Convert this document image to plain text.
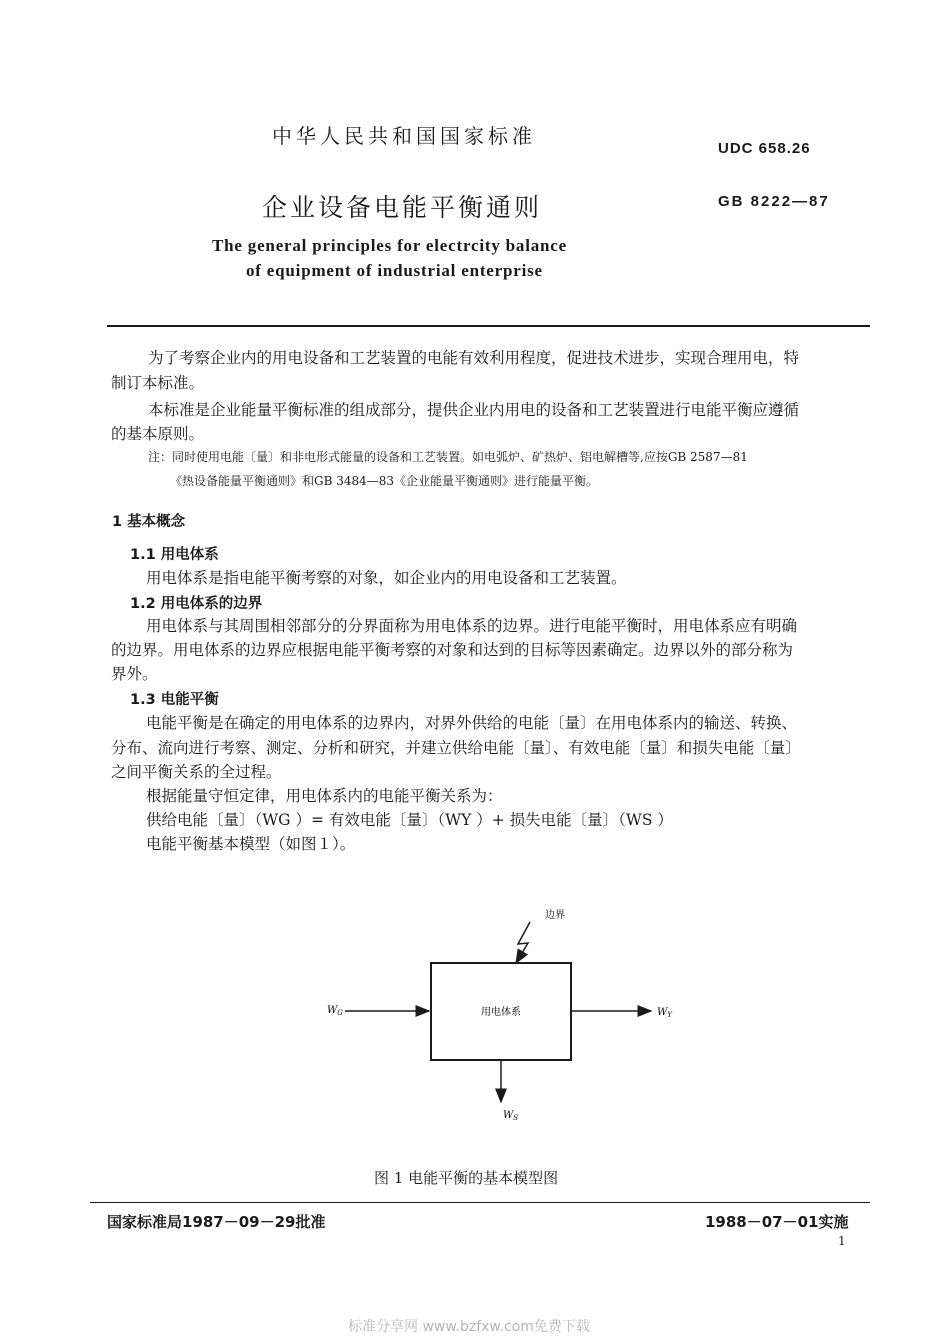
中华人民共和国国家标准
UDC 658.26
企业设备电能平衡通则	GB 8222—87
The general principles for electrcity balance
of equipment of industrial enterprise
为了考察企业内的用电设备和工艺装置的电能有效利用程度，促进技术进步，实现合理用电，特
制订本标准。
本标准是企业能量平衡标准的组成部分，提供企业内用电的设备和工艺装置进行电能平衡应遵循
的基本原则。
注：同时使用电能〔量〕和非电形式能量的设备和工艺装置。如电弧炉、矿热炉、铝电解槽等,应按GB 2587—81
《热设备能量平衡通则》和GB 3484—83《企业能量平衡通则》进行能量平衡。
1 基本概念
1.1 用电体系
用电体系是指电能平衡考察的对象，如企业内的用电设备和工艺装置。
1.2 用电体系的边界
用电体系与其周围相邻部分的分界面称为用电体系的边界。进行电能平衡时，用电体系应有明确
的边界。用电体系的边界应根据电能平衡考察的对象和达到的目标等因素确定。边界以外的部分称为
界外。
1.3 电能平衡
电能平衡是在确定的用电体系的边界内，对界外供给的电能〔量〕在用电体系内的输送、转换、
分布、流向进行考察、测定、分析和研究，并建立供给电能〔量〕、有效电能〔量〕和损失电能〔量〕
之间平衡关系的全过程。
根据能量守恒定律，用电体系内的电能平衡关系为：
供给电能〔量〕（WG ）= 有效电能〔量〕（WY ）+ 损失电能〔量〕（WS ）
电能平衡基本模型（如图１）。
边界
用电体系
$W_G$	$W_Y$
$W_S$
图 1 电能平衡的基本模型图
国家标准局1987－09－29批准	1988－07－01实施
1
标准分享网 www.bzfxw.com免费下载
